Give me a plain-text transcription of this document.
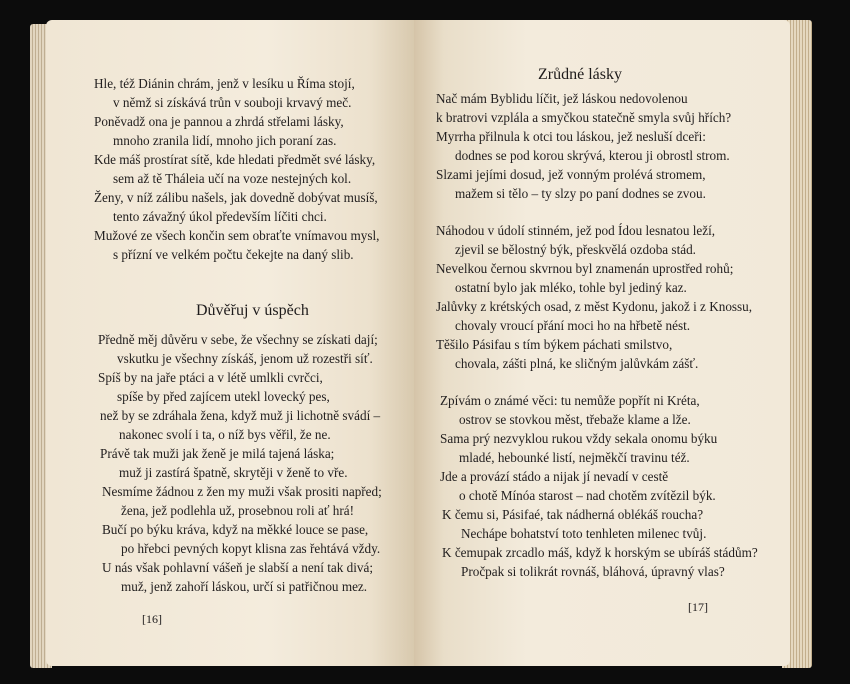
Hle, též Diánin chrám, jenž v lesíku u Říma stojí,
v němž si získává trůn v souboji krvavý meč.
Poněvadž ona je pannou a zhrdá střelami lásky,
mnoho zranila lidí, mnoho jich poraní zas.
Kde máš prostírat sítě, kde hledati předmět své lásky,
sem až tě Tháleia učí na voze nestejných kol.
Ženy, v níž zálibu našels, jak dovedně dobývat musíš,
tento závažný úkol především líčiti chci.
Mužové ze všech končin sem obraťte vnímavou mysl,
s přízní ve velkém počtu čekejte na daný slib.
Důvěřuj v úspěch
Předně měj důvěru v sebe, že všechny se získati dají;
vskutku je všechny získáš, jenom už rozestři síť.
Spíš by na jaře ptáci a v létě umlkli cvrčci,
spíše by před zajícem utekl lovecký pes,
než by se zdráhala žena, když muž ji lichotně svádí –
nakonec svolí i ta, o níž bys věřil, že ne.
Právě tak muži jak ženě je milá tajená láska;
muž ji zastírá špatně, skrytěji v ženě to vře.
Nesmíme žádnou z žen my muži však prositi napřed;
žena, jež podlehla už, prosebnou roli ať hrá!
Bučí po býku kráva, když na měkké louce se pase,
po hřebci pevných kopyt klisna zas řehtává vždy.
U nás však pohlavní vášeň je slabší a není tak divá;
muž, jenž zahoří láskou, určí si patřičnou mez.
[16]
Zrůdné lásky
Nač mám Byblidu líčit, jež láskou nedovolenou
k bratrovi vzplála a smyčkou statečně smyla svůj hřích?
Myrrha přilnula k otci tou láskou, jež nesluší dceři:
dodnes se pod korou skrývá, kterou ji obrostl strom.
Slzami jejími dosud, jež vonným prolévá stromem,
mažem si tělo – ty slzy po paní dodnes se zvou.
Náhodou v údolí stinném, jež pod Ídou lesnatou leží,
zjevil se bělostný býk, přeskvělá ozdoba stád.
Nevelkou černou skvrnou byl znamenán uprostřed rohů;
ostatní bylo jak mléko, tohle byl jediný kaz.
Jalůvky z krétských osad, z měst Kydonu, jakož i z Knossu,
chovaly vroucí přání moci ho na hřbetě nést.
Těšilo Pásifau s tím býkem páchati smilstvo,
chovala, zášti plná, ke sličným jalůvkám zášť.
Zpívám o známé věci: tu nemůže popřít ni Kréta,
ostrov se stovkou měst, třebaže klame a lže.
Sama prý nezvyklou rukou vždy sekala onomu býku
mladé, hebounké listí, nejměkčí travinu též.
Jde a provází stádo a nijak jí nevadí v cestě
o chotě Mínóa starost – nad chotěm zvítězil býk.
K čemu si, Pásifaé, tak nádherná oblékáš roucha?
Nechápe bohatství toto tenhleten milenec tvůj.
K čemupak zrcadlo máš, když k horským se ubíráš stádům?
Pročpak si tolikrát rovnáš, bláhová, úpravný vlas?
[17]
